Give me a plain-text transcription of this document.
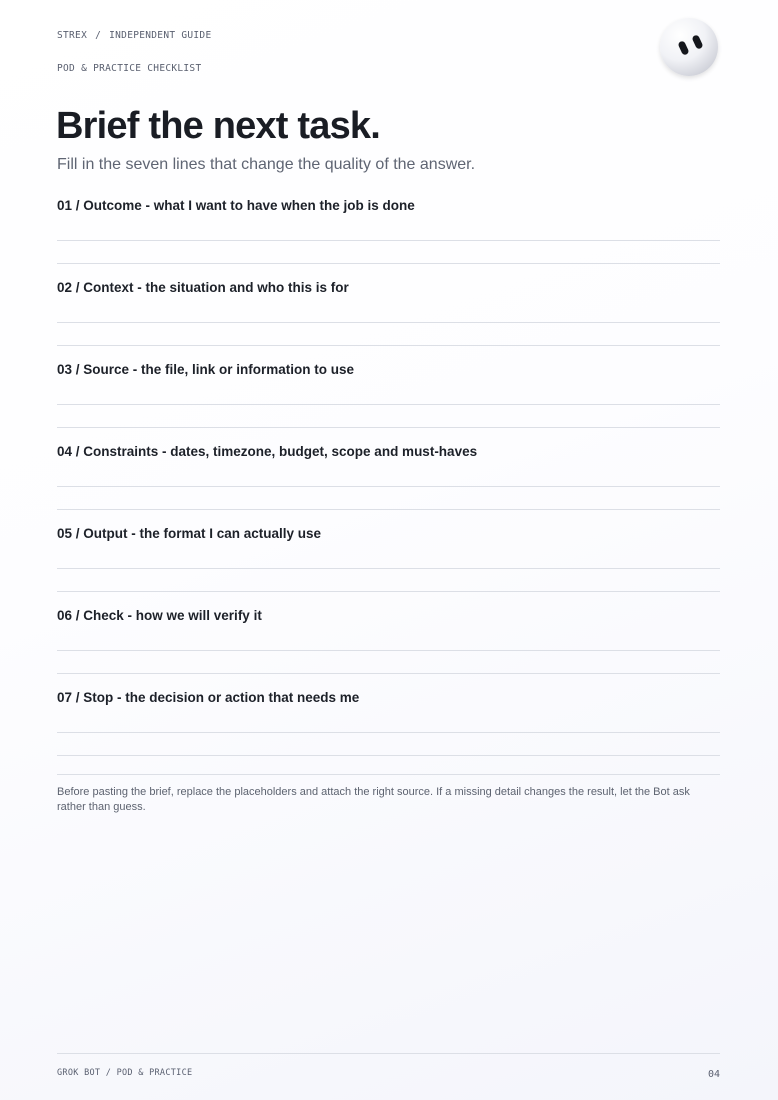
STREX / INDEPENDENT GUIDE
POD & PRACTICE CHECKLIST
Brief the next task.

Fill in the seven lines that change the quality of the answer.

01 / Outcome - what I want to have when the job is done
02 / Context - the situation and who this is for
03 / Source - the file, link or information to use
04 / Constraints - dates, timezone, budget, scope and must-haves
05 / Output - the format I can actually use
06 / Check - how we will verify it
07 / Stop - the decision or action that needs me

Before pasting the brief, replace the placeholders and attach the right source. If a missing detail changes the result, let the Bot ask rather than guess.

GROK BOT / POD & PRACTICE	04
